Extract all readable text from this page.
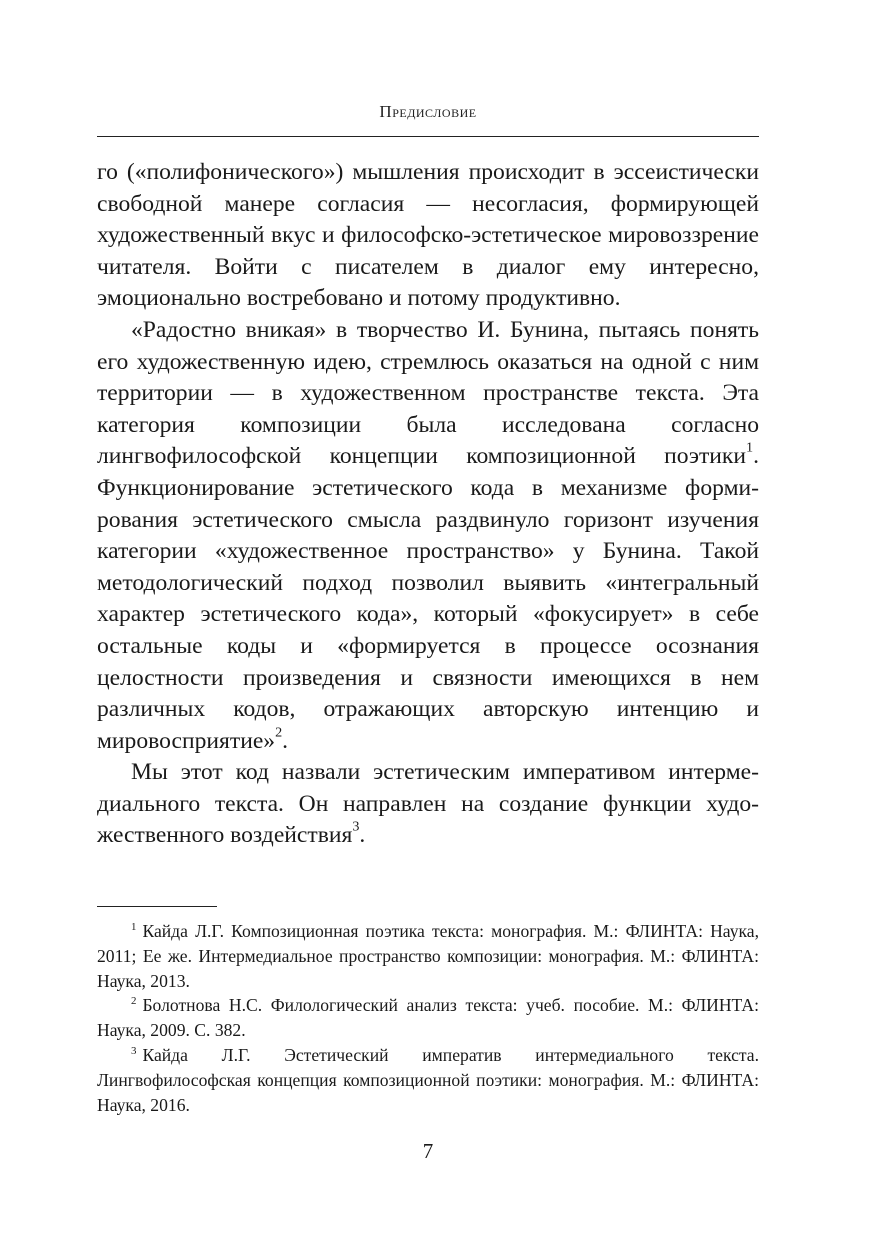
Предисловие

го («полифонического») мышления происходит в эссеистически свободной манере согласия — несогласия, формирующей художественный вкус и философско-эстетическое мировоззрение читателя. Войти с писателем в диалог ему интересно, эмоционально востребовано и потому продуктивно.

«Радостно вникая» в творчество И. Бунина, пытаясь понять его художественную идею, стремлюсь оказаться на одной с ним территории — в художественном пространстве текста. Эта категория композиции была исследована согласно лингвофилософской концепции композиционной поэтики$^1$. Функционирование эстетического кода в механизме формирования эстетического смысла раздвинуло горизонт изучения категории «художественное пространство» у Бунина. Такой методологический подход позволил выявить «интегральный характер эстетического кода», который «фокусирует» в себе остальные коды и «формируется в процессе осознания целостности произведения и связности имеющихся в нем различных кодов, отражающих авторскую интенцию и мировосприятие»$^2$.

Мы этот код назвали эстетическим императивом интермедиального текста. Он направлен на создание функции художественного воздействия$^3$.

$^1$ Кайда Л.Г. Композиционная поэтика текста: монография. М.: ФЛИНТА: Наука, 2011; Ее же. Интермедиальное пространство композиции: монография. М.: ФЛИНТА: Наука, 2013.

$^2$ Болотнова Н.С. Филологический анализ текста: учеб. пособие. М.: ФЛИНТА: Наука, 2009. С. 382.

$^3$ Кайда Л.Г. Эстетический императив интермедиального текста. Лингвофилософская концепция композиционной поэтики: монография. М.: ФЛИНТА: Наука, 2016.

7
